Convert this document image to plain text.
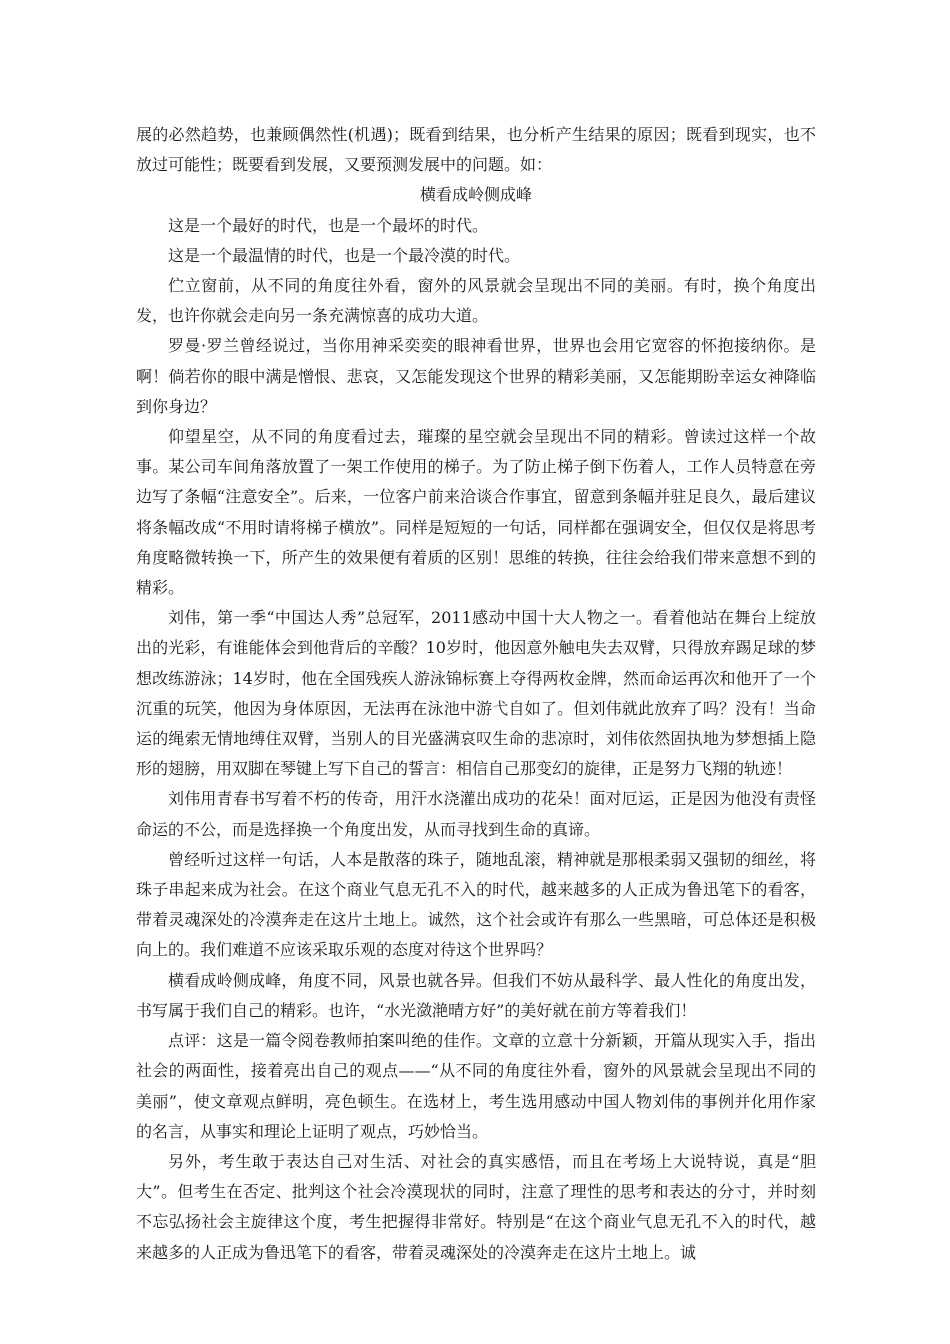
展的必然趋势，也兼顾偶然性(机遇)；既看到结果，也分析产生结果的原因；既看到现实，也不放过可能性；既要看到发展，又要预测发展中的问题。如：

横看成岭侧成峰

这是一个最好的时代，也是一个最坏的时代。

这是一个最温情的时代，也是一个最冷漠的时代。

伫立窗前，从不同的角度往外看，窗外的风景就会呈现出不同的美丽。有时，换个角度出发，也许你就会走向另一条充满惊喜的成功大道。

罗曼·罗兰曾经说过，当你用神采奕奕的眼神看世界，世界也会用它宽容的怀抱接纳你。是啊！倘若你的眼中满是憎恨、悲哀，又怎能发现这个世界的精彩美丽，又怎能期盼幸运女神降临到你身边？

仰望星空，从不同的角度看过去，璀璨的星空就会呈现出不同的精彩。曾读过这样一个故事。某公司车间角落放置了一架工作使用的梯子。为了防止梯子倒下伤着人，工作人员特意在旁边写了条幅“注意安全”。后来，一位客户前来洽谈合作事宜，留意到条幅并驻足良久，最后建议将条幅改成“不用时请将梯子横放”。同样是短短的一句话，同样都在强调安全，但仅仅是将思考角度略微转换一下，所产生的效果便有着质的区别！思维的转换，往往会给我们带来意想不到的精彩。

刘伟，第一季“中国达人秀”总冠军，2011感动中国十大人物之一。看着他站在舞台上绽放出的光彩，有谁能体会到他背后的辛酸？10岁时，他因意外触电失去双臂，只得放弃踢足球的梦想改练游泳；14岁时，他在全国残疾人游泳锦标赛上夺得两枚金牌，然而命运再次和他开了一个沉重的玩笑，他因为身体原因，无法再在泳池中游弋自如了。但刘伟就此放弃了吗？没有！当命运的绳索无情地缚住双臂，当别人的目光盛满哀叹生命的悲凉时，刘伟依然固执地为梦想插上隐形的翅膀，用双脚在琴键上写下自己的誓言：相信自己那变幻的旋律，正是努力飞翔的轨迹！

刘伟用青春书写着不朽的传奇，用汗水浇灌出成功的花朵！面对厄运，正是因为他没有责怪命运的不公，而是选择换一个角度出发，从而寻找到生命的真谛。

曾经听过这样一句话，人本是散落的珠子，随地乱滚，精神就是那根柔弱又强韧的细丝，将珠子串起来成为社会。在这个商业气息无孔不入的时代，越来越多的人正成为鲁迅笔下的看客，带着灵魂深处的冷漠奔走在这片土地上。诚然，这个社会或许有那么一些黑暗，可总体还是积极向上的。我们难道不应该采取乐观的态度对待这个世界吗？

横看成岭侧成峰，角度不同，风景也就各异。但我们不妨从最科学、最人性化的角度出发，书写属于我们自己的精彩。也许，“水光潋滟晴方好”的美好就在前方等着我们！

点评：这是一篇令阅卷教师拍案叫绝的佳作。文章的立意十分新颖，开篇从现实入手，指出社会的两面性，接着亮出自己的观点——“从不同的角度往外看，窗外的风景就会呈现出不同的美丽”，使文章观点鲜明，亮色顿生。在选材上，考生选用感动中国人物刘伟的事例并化用作家的名言，从事实和理论上证明了观点，巧妙恰当。

另外，考生敢于表达自己对生活、对社会的真实感悟，而且在考场上大说特说，真是“胆大”。但考生在否定、批判这个社会冷漠现状的同时，注意了理性的思考和表达的分寸，并时刻不忘弘扬社会主旋律这个度，考生把握得非常好。特别是“在这个商业气息无孔不入的时代，越来越多的人正成为鲁迅笔下的看客，带着灵魂深处的冷漠奔走在这片土地上。诚
